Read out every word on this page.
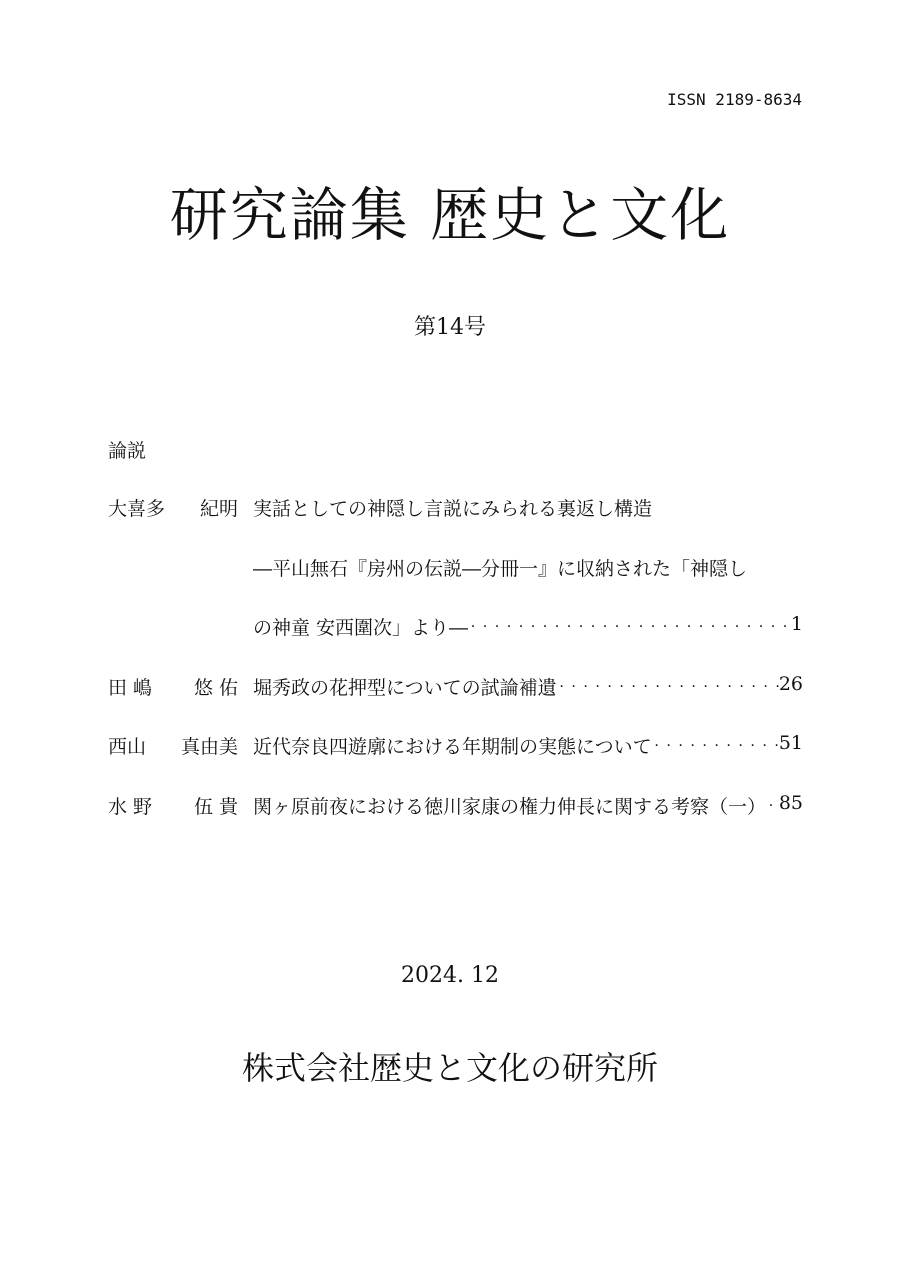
ISSN 2189-8634
研究論集 歴史と文化
第14号
論説
大喜多 紀明 実話としての神隠し言説にみられる裏返し構造
―平山無石『房州の伝説―分冊一』に収納された「神隠し
の神童 安西圍次」より― ・・・・・・・・・・・・・・・・・・・・・・・・・・・・・・・・・・・・・・・・・・・・・・・・・・・・・・・・・・	1
田 嶋 悠 佑 堀秀政の花押型についての試論補遺 ・・・・・・・・・・・・・・・・・・・・・・・・・・・・・・・・・・・・・・・・・・・・・・・・・・・・・・・・・・	26
西山 真由美 近代奈良四遊廓における年期制の実態について ・・・・・・・・・・・・・・・・・・・・・・・・・・・・・・・・・・・・・・・・・・・・・・・・・・・・・・・・・・	51
水 野 伍 貴 関ヶ原前夜における徳川家康の権力伸長に関する考察（一） ・・・・・・・・・・・・・・・・・・・・・・・・・・・・・・・・・・・・・・・・・・・・・・・・・・・・・・・・・・ 85
2024. 12
株式会社歴史と文化の研究所
